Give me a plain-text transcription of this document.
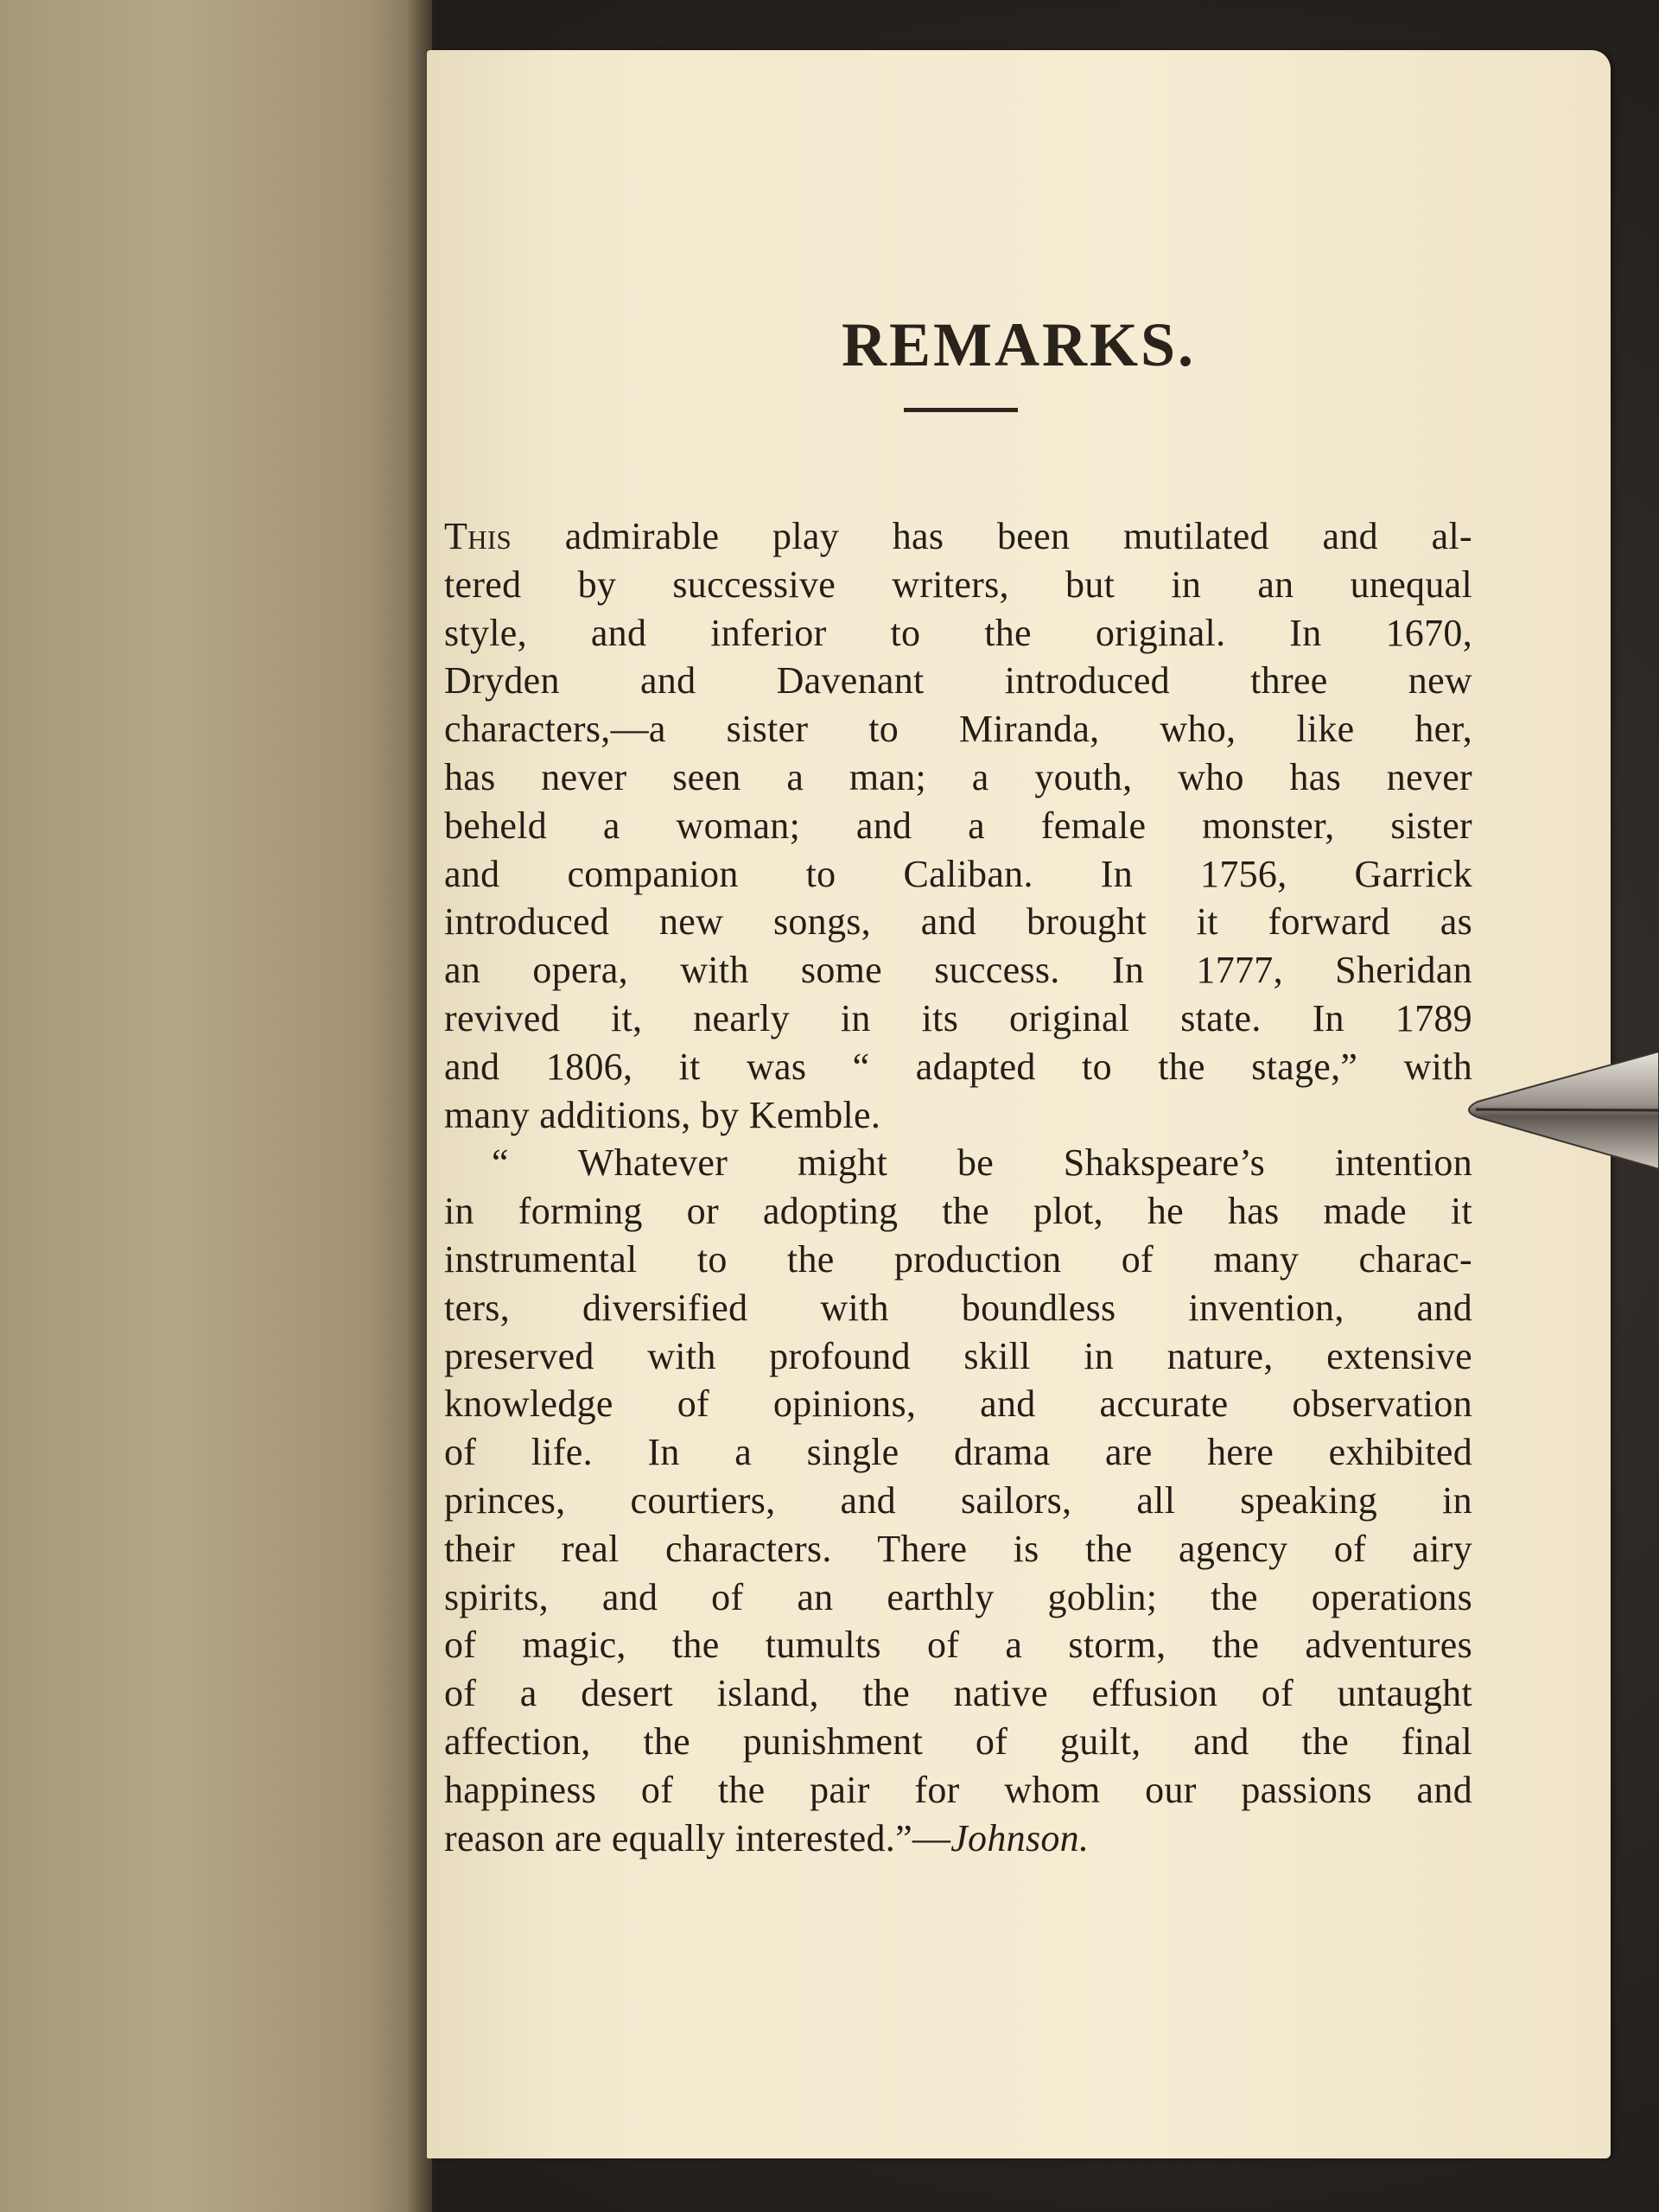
REMARKS.
This admirable play has been mutilated and al-
tered by successive writers, but in an unequal
style, and inferior to the original. In 1670,
Dryden and Davenant introduced three new
characters,—a sister to Miranda, who, like her,
has never seen a man; a youth, who has never
beheld a woman; and a female monster, sister
and companion to Caliban. In 1756, Garrick
introduced new songs, and brought it forward as
an opera, with some success. In 1777, Sheridan
revived it, nearly in its original state. In 1789
and 1806, it was “ adapted to the stage,” with
many additions, by Kemble.
“ Whatever might be Shakspeare’s intention
in forming or adopting the plot, he has made it
instrumental to the production of many charac-
ters, diversified with boundless invention, and
preserved with profound skill in nature, extensive
knowledge of opinions, and accurate observation
of life. In a single drama are here exhibited
princes, courtiers, and sailors, all speaking in
their real characters. There is the agency of airy
spirits, and of an earthly goblin; the operations
of magic, the tumults of a storm, the adventures
of a desert island, the native effusion of untaught
affection, the punishment of guilt, and the final
happiness of the pair for whom our passions and
reason are equally interested.”—Johnson.
